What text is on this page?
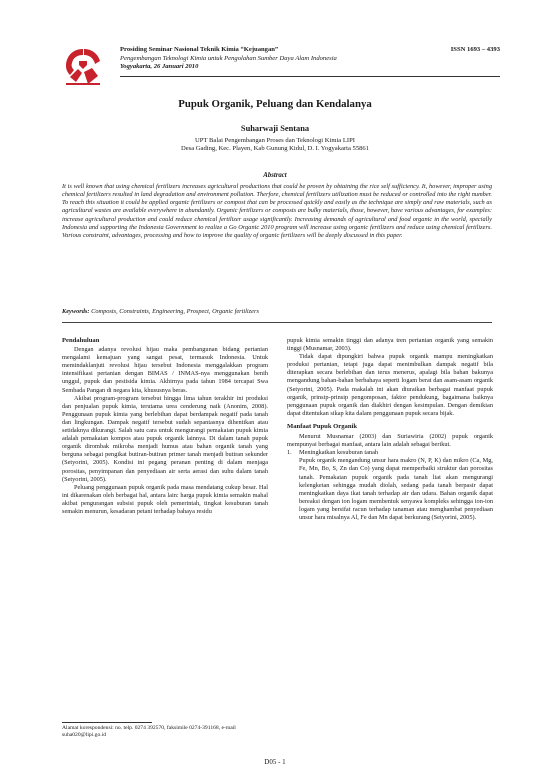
Prosiding Seminar Nasional Teknik Kimia “Kejuangan”	ISSN 1693 – 4393
Pengembangan Teknologi Kimia untuk Pengolahan Sumber Daya Alam Indonesia
Yogyakarta, 26 Januari 2010
Pupuk Organik, Peluang dan Kendalanya
Suharwaji Sentana
UPT Balai Pengembangan Proses dan Teknologi Kimia LIPI
Desa Gading, Kec. Playen, Kab Gunung Kidul, D. I. Yogyakarta 55861
Abstract
It is well known that using chemical fertilizers increases agricultural productions that could be proven by obtaining the rice self sufficiency. It, however, improper using chemical fertilizers resulted in land degradation and environment pollution. Therfore, chemical fertilizers utilization must be reduced or controlled into the right number. To reach this situation it could be applied organic fertilizers or compost that can be processed quickly and easily as the technique are simply and raw materials, such as agricultural wastes are available everywhere in abundantly. Organic fertilizers or composts are bulky materials, those, however, have various advantages, for examples: increase agricultural production and could reduce chemical fertilizer usage significantly. Increasing demands of agricultural and food organic in the world, specially Indonesia and supporting the Indonesia Government to realize a Go Organic 2010 program will increase using organic fertilizers and reduce using chemical fertilizers. Various constraint, advantages, processing and how to improve the quality of organic fertilizers will be deeply discussed in this paper.
Keywords: Composts, Constraints, Engineering, Prospect, Organic fertilizers
Pendahuluan

Dengan adanya revolusi hijau maka pembangunan bidang pertanian mengalami kemajuan yang sangat pesat, termasuk Indonesia. Untuk memindaklanjuti revolusi hijau tersebut Indonesia menggalakkan program intensifikasi pertanian dengan BIMAS / INMAS-nya menggunakan benih unggul, pupuk dan pestisida kimia. Akhirnya pada tahun 1984 tercapai Swa Sembada Pangan di negara kita, khususnya beras.

Akibat program-program tersebut hingga lima tahun terakhir ini produksi dan penjualan pupuk kimia, terutama urea cenderung naik (Anonim, 2008). Penggunaan pupuk kimia yang berlebihan dapat berdampak negatif pada tanah dan lingkungan. Dampak negatif tersebut sudah sepantasnya dihentikan atau setidaknya dikurangi. Salah satu cara untuk mengurangi pemakaian pupuk kimia adalah pemakaian kompos atau pupuk organik lainnya. Di dalam tanah pupuk organik dirombak mikroba menjadi humus atau bahan organik tanah yang berguna sebagai pengikat butiran-butiran primer tanah menjadi butiran sekunder (Setyorini, 2005). Kondisi ini pegang peranan penting di dalam menjaga porositas, penyimpanan dan penyediaan air serta aerasi dan suhu dalam tanah (Setyorini, 2005).

Peluang penggunaan pupuk organik pada masa mendatang cukup besar. Hal ini dikarenakan oleh berbagai hal, antara lain: harga pupuk kimia semakin mahal akibat pengurangan subsisi pupuk oleh pemerintah, tingkat kesuburan tanah semakin menurun, kesadaran petani terhadap bahaya residu

pupuk kimia semakin tinggi dan adanya tren pertanian organik yang semakin tinggi (Musnamar, 2003).

Tidak dapat dipungkiri bahwa pupuk organik mampu meningkatkan produksi pertanian, tetapi juga dapat menimbulkan dampak negatif bila diterapkan secara berlebihan dan terus menerus, apalagi bila bahan bakunya mengandung bahan-bahan berbahaya seperti logam berat dan asam-asam organik (Setyorini, 2005). Pada makalah ini akan diuraikan berbagai manfaat pupuk organik, prinsip-prinsip pengomposan, faktor pendukung, bagaimana baiknya penggunaan pupuk organik dan diakhiri dengan kesimpulan. Dengan demikian dapat ditentukan sikap kita dalam penggunaan pupuk secara bijak.

Manfaat Pupuk Organik

Menurut Musnamar (2003) dan Suriawiria (2002) pupuk organik mempunyai berbagai manfaat, antara lain adalah sebagai berikut.

1.	Meningkatkan kesuburan tanah
Pupuk organik mengandung unsur hara makro (N, P, K) dan mikro (Ca, Mg, Fe, Mn, Bo, S, Zn dan Co) yang dapat memperbaiki struktur dan porositas tanah. Pemakaian pupuk organik pada tanah liat akan mengurangi kelengketan sehingga mudah diolah, sedang pada tanah berpasir dapat meningkatkan daya ikat tanah terhadap air dan udara. Bahan organik dapat bereaksi dengan ion logam membentuk senyawa kompleks sehingga ion-ion logam yang bersifat racun terhadap tanaman atau menghambat penyediaan unsur hara misalnya Al, Fe dan Mn dapat berkurang (Setyorini, 2005).
Alamat korespondensi: no. telp. 0274 392570, faksimile 0274-391168, e-mail suha020@lipi.go.id
D05 - 1
